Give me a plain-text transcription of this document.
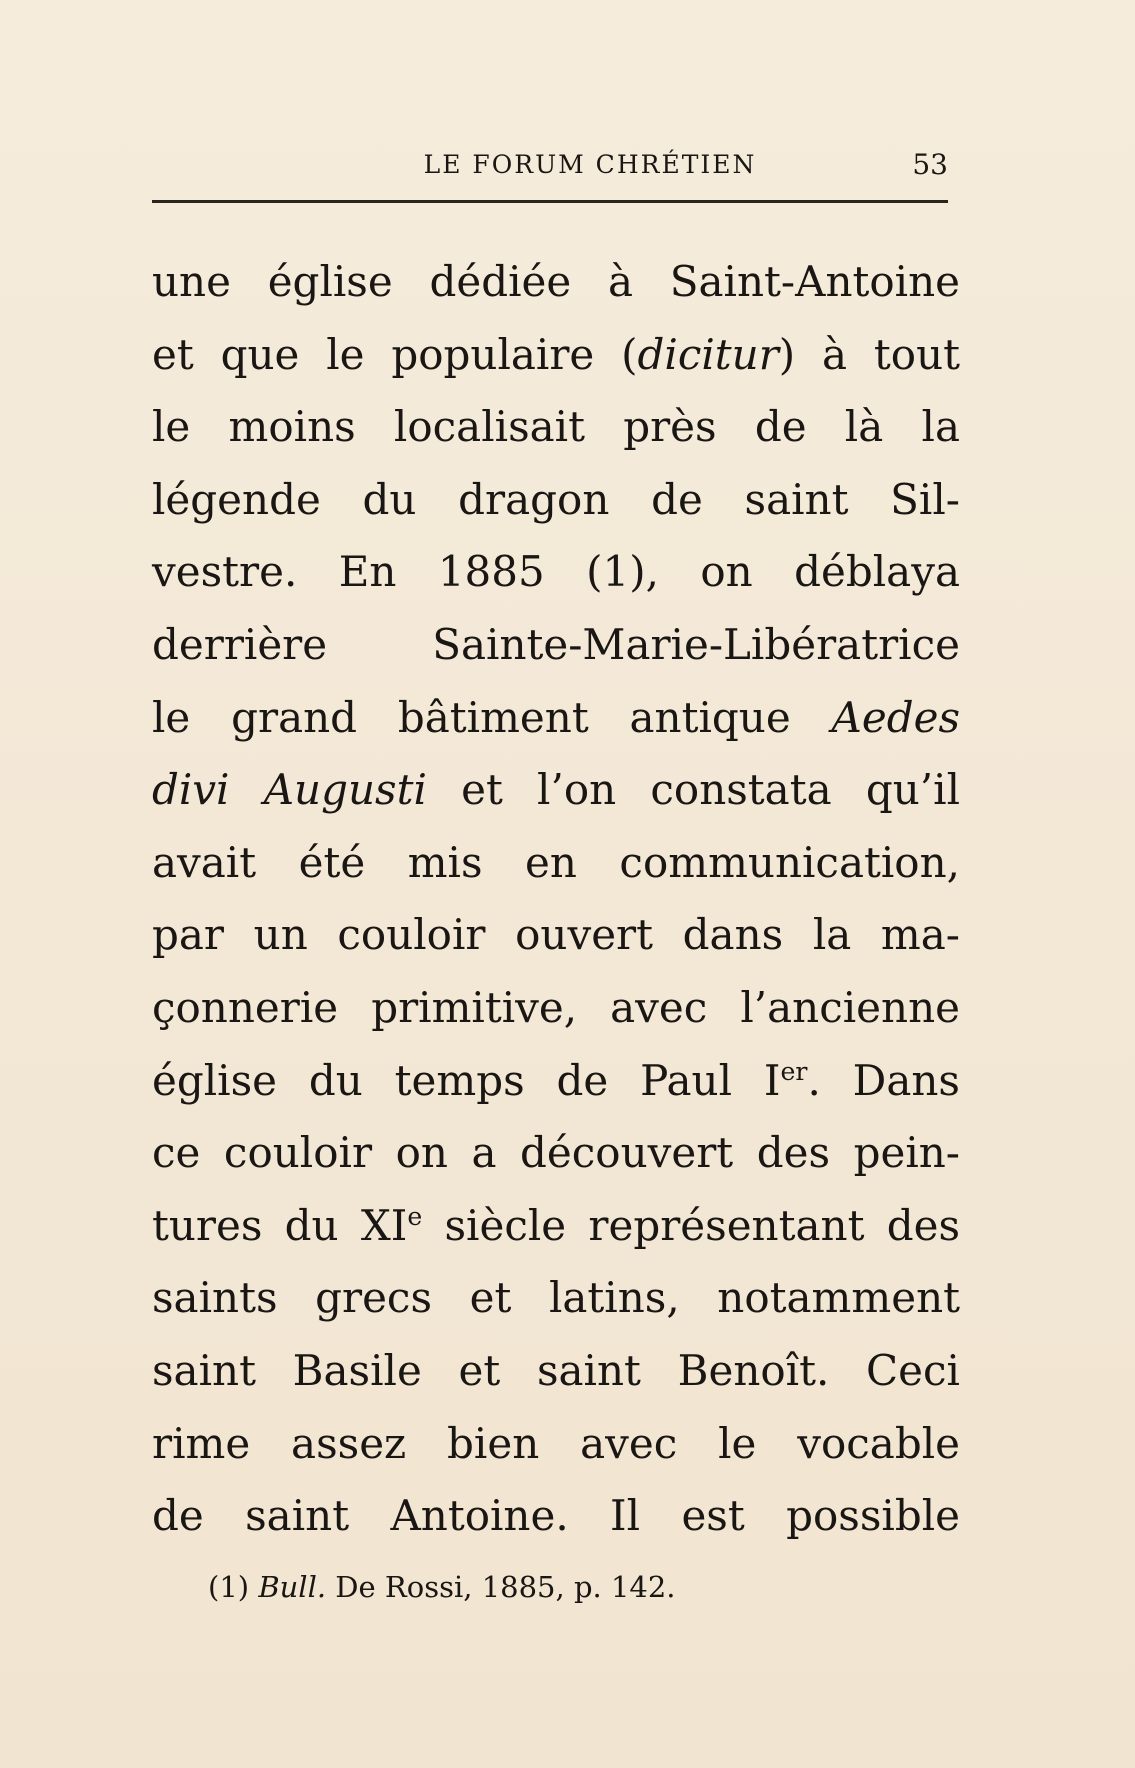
LE FORUM CHRÉTIEN	53
une église dédiée à Saint-Antoine
et que le populaire (dicitur) à tout
le moins localisait près de là la
légende du dragon de saint Sil-
vestre. En 1885 (1), on déblaya
derrière Sainte-Marie-Libératrice
le grand bâtiment antique Aedes
divi Augusti et l’on constata qu’il
avait été mis en communication,
par un couloir ouvert dans la ma-
çonnerie primitive, avec l’ancienne
église du temps de Paul Ier. Dans
ce couloir on a découvert des pein-
tures du XIe siècle représentant des
saints grecs et latins, notamment
saint Basile et saint Benoît. Ceci
rime assez bien avec le vocable
de saint Antoine. Il est possible
(1) Bull. De Rossi, 1885, p. 142.
